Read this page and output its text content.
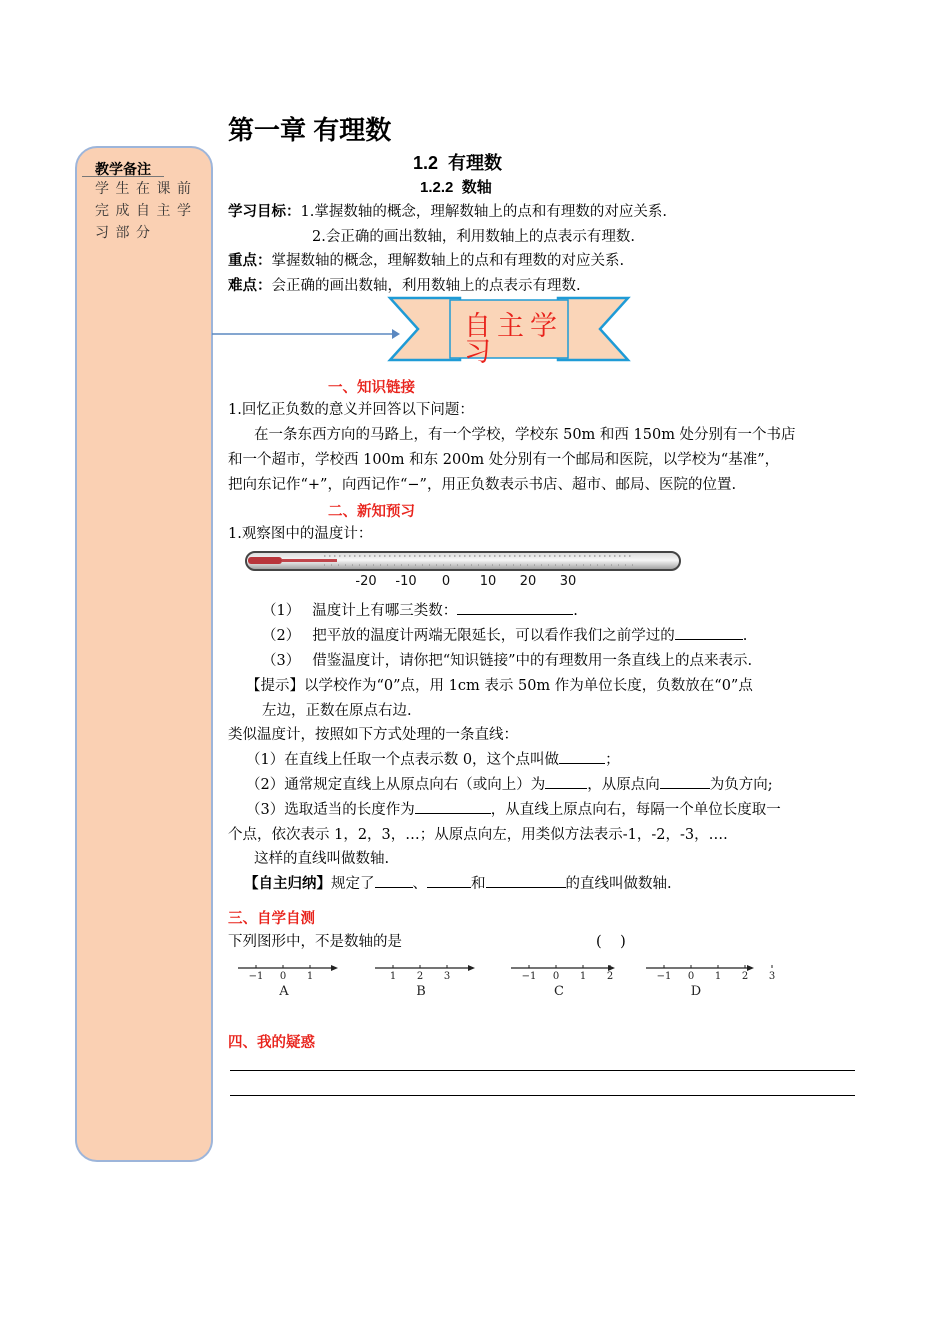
教学备注
学生在课前
完成自主学
习部分
第一章 有理数
1.2  有理数
1.2.2  数轴
学习目标：1.掌握数轴的概念，理解数轴上的点和有理数的对应关系.
2.会正确的画出数轴，利用数轴上的点表示有理数.
重点：掌握数轴的概念，理解数轴上的点和有理数的对应关系.
难点：会正确的画出数轴，利用数轴上的点表示有理数.
自主学习
一、知识链接
1.回忆正负数的意义并回答以下问题：
在一条东西方向的马路上，有一个学校，学校东 50m 和西 150m 处分别有一个书店
和一个超市，学校西 100m 和东 200m 处分别有一个邮局和医院，以学校为“基准”，
把向东记作“+”，向西记作“−”，用正负数表示书店、超市、邮局、医院的位置.
二、新知预习
1.观察图中的温度计：
-20 -10 0 10 20 30
（1） 温度计上有哪三类数：	.
（2） 把平放的温度计两端无限延长，可以看作我们之前学过的	.
（3） 借鉴温度计，请你把“知识链接”中的有理数用一条直线上的点来表示.
【提示】以学校作为“0”点，用 1cm 表示 50m 作为单位长度，负数放在“0”点
左边，正数在原点右边.
类似温度计，按照如下方式处理的一条直线：
（1）在直线上任取一个点表示数 0，这个点叫做	；
（2）通常规定直线上从原点向右（或向上）为	，从原点向	为负方向;
（3）选取适当的长度作为	，从直线上原点向右，每隔一个单位长度取一
个点，依次表示 1，2，3，…；从原点向左，用类似方法表示-1，-2，-3，….
这样的直线叫做数轴.
【自主归纳】规定了	、	和	的直线叫做数轴.
三、自学自测
下列图形中，不是数轴的是	(    )
−1 0 1
A
1 2 3
B
−1 0 1 2
C
−1 0 1 2 3
D
四、我的疑惑
